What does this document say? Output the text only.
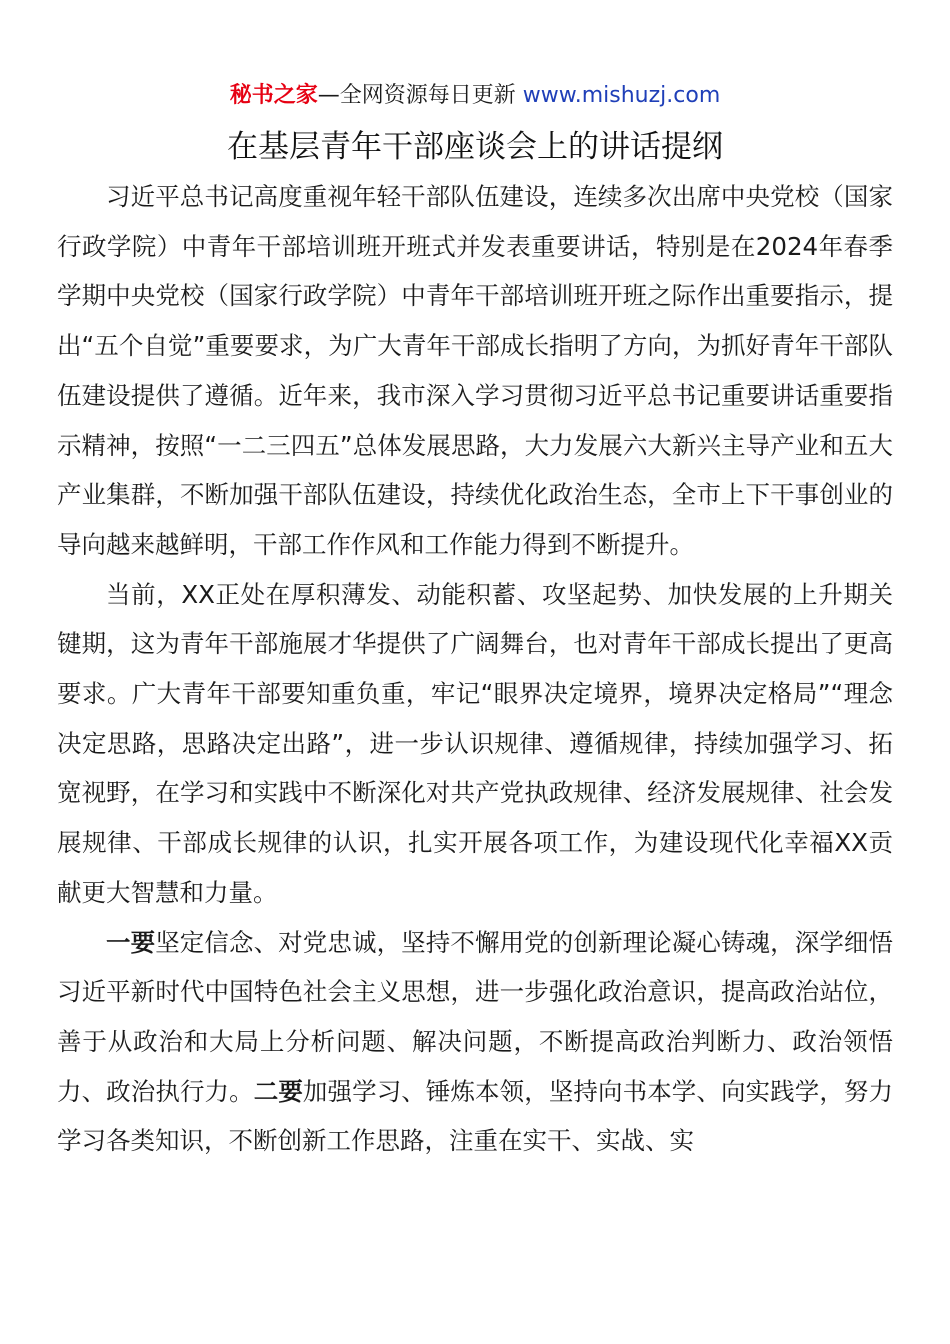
秘书之家—全网资源每日更新 www.mishuzj.com
在基层青年干部座谈会上的讲话提纲

习近平总书记高度重视年轻干部队伍建设，连续多次出席中央党校（国家行政学院）中青年干部培训班开班式并发表重要讲话，特别是在2024年春季学期中央党校（国家行政学院）中青年干部培训班开班之际作出重要指示，提出“五个自觉”重要要求，为广大青年干部成长指明了方向，为抓好青年干部队伍建设提供了遵循。近年来，我市深入学习贯彻习近平总书记重要讲话重要指示精神，按照“一二三四五”总体发展思路，大力发展六大新兴主导产业和五大产业集群，不断加强干部队伍建设，持续优化政治生态，全市上下干事创业的导向越来越鲜明，干部工作作风和工作能力得到不断提升。

当前，XX正处在厚积薄发、动能积蓄、攻坚起势、加快发展的上升期关键期，这为青年干部施展才华提供了广阔舞台，也对青年干部成长提出了更高要求。广大青年干部要知重负重，牢记“眼界决定境界，境界决定格局”“理念决定思路，思路决定出路”，进一步认识规律、遵循规律，持续加强学习、拓宽视野，在学习和实践中不断深化对共产党执政规律、经济发展规律、社会发展规律、干部成长规律的认识，扎实开展各项工作，为建设现代化幸福XX贡献更大智慧和力量。

一要坚定信念、对党忠诚，坚持不懈用党的创新理论凝心铸魂，深学细悟习近平新时代中国特色社会主义思想，进一步强化政治意识，提高政治站位，善于从政治和大局上分析问题、解决问题，不断提高政治判断力、政治领悟力、政治执行力。二要加强学习、锤炼本领，坚持向书本学、向实践学，努力学习各类知识，不断创新工作思路，注重在实干、实战、实
